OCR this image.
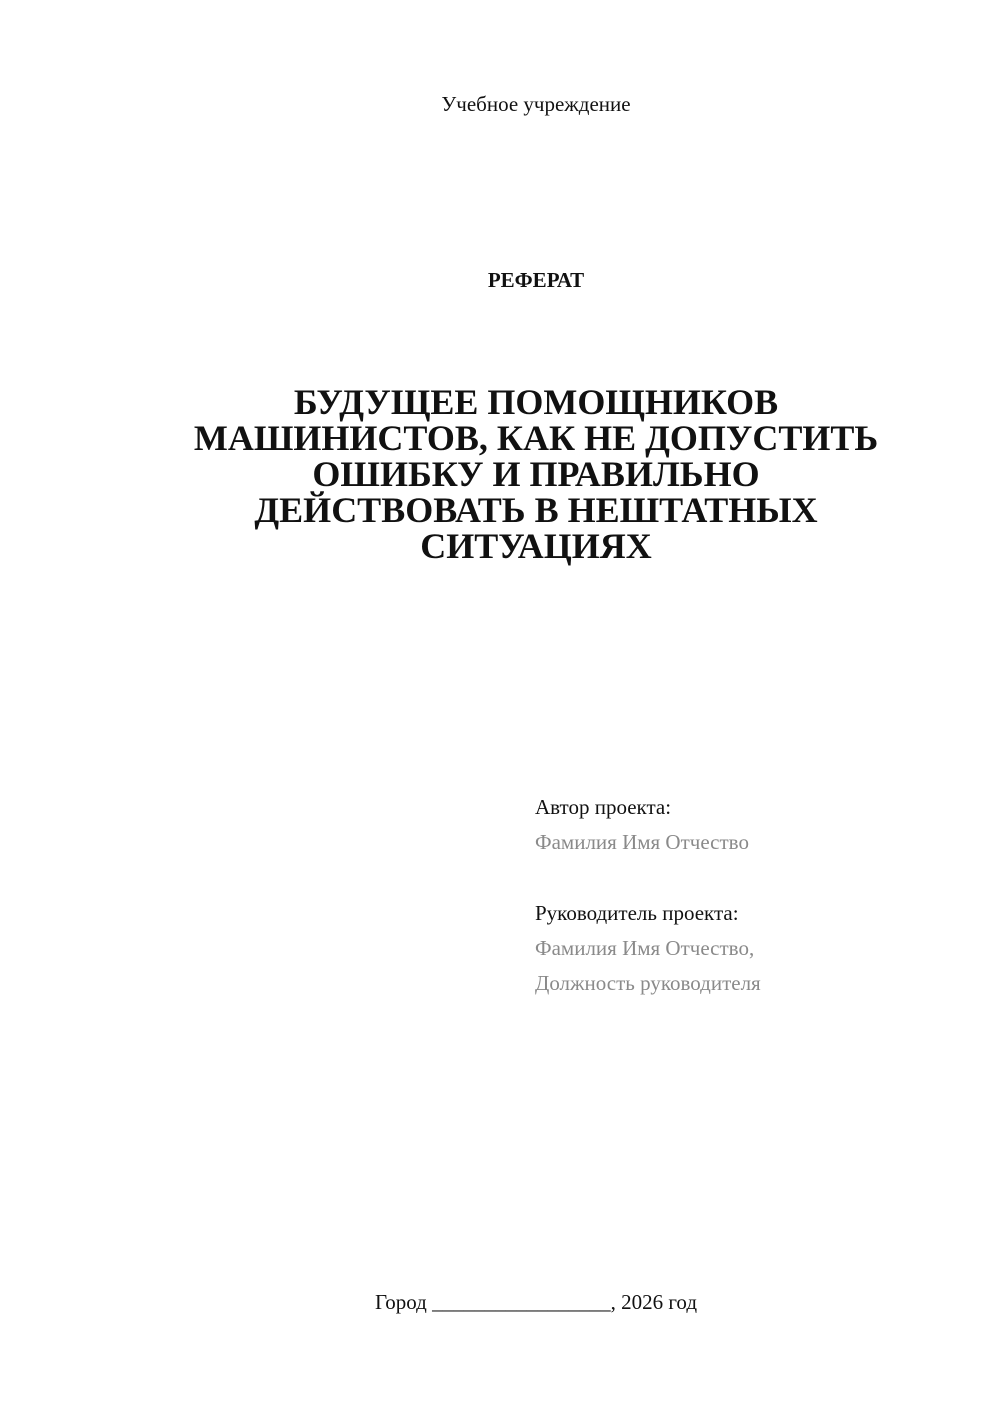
Учебное учреждение
РЕФЕРАТ
БУДУЩЕЕ ПОМОЩНИКОВ
МАШИНИСТОВ, КАК НЕ ДОПУСТИТЬ
ОШИБКУ И ПРАВИЛЬНО
ДЕЙСТВОВАТЬ В НЕШТАТНЫХ
СИТУАЦИЯХ
Автор проекта:
Фамилия Имя Отчество
Руководитель проекта:
Фамилия Имя Отчество,
Должность руководителя
Город _________________, 2026 год
